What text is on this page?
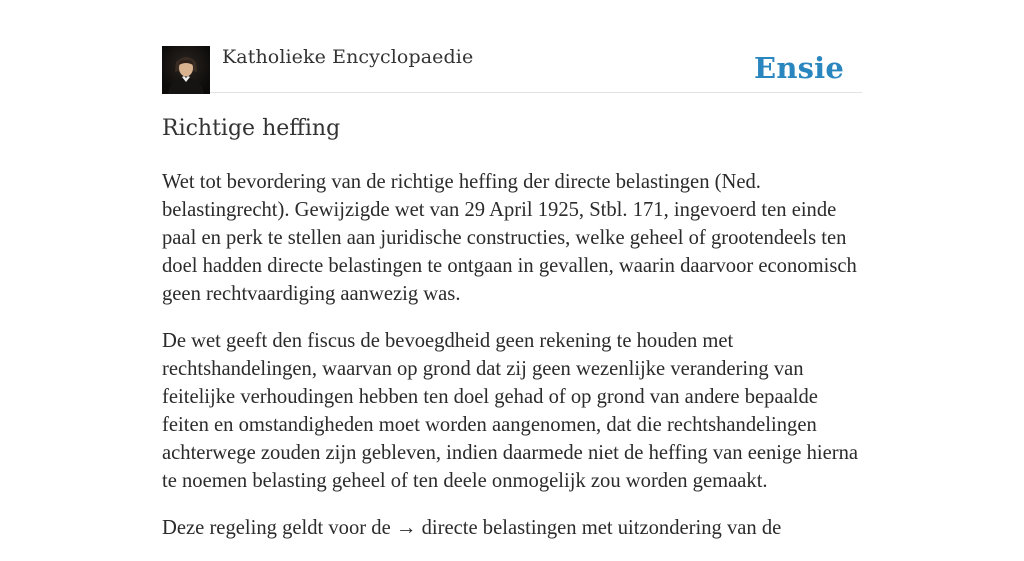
Katholieke Encyclopaedie	Ensie
Richtige heffing

Wet tot bevordering van de richtige heffing der directe belastingen (Ned. belastingrecht). Gewijzigde wet van 29 April 1925, Stbl. 171, ingevoerd ten einde paal en perk te stellen aan juridische constructies, welke geheel of grootendeels ten doel hadden directe belastingen te ontgaan in gevallen, waarin daarvoor economisch geen rechtvaardiging aanwezig was.

De wet geeft den fiscus de bevoegdheid geen rekening te houden met rechtshandelingen, waarvan op grond dat zij geen wezenlijke verandering van feitelijke verhoudingen hebben ten doel gehad of op grond van andere bepaalde feiten en omstandigheden moet worden aangenomen, dat die rechtshandelingen achterwege zouden zijn gebleven, indien daarmede niet de heffing van eenige hierna te noemen belasting geheel of ten deele onmogelijk zou worden gemaakt.

Deze regeling geldt voor de → directe belastingen met uitzondering van de
